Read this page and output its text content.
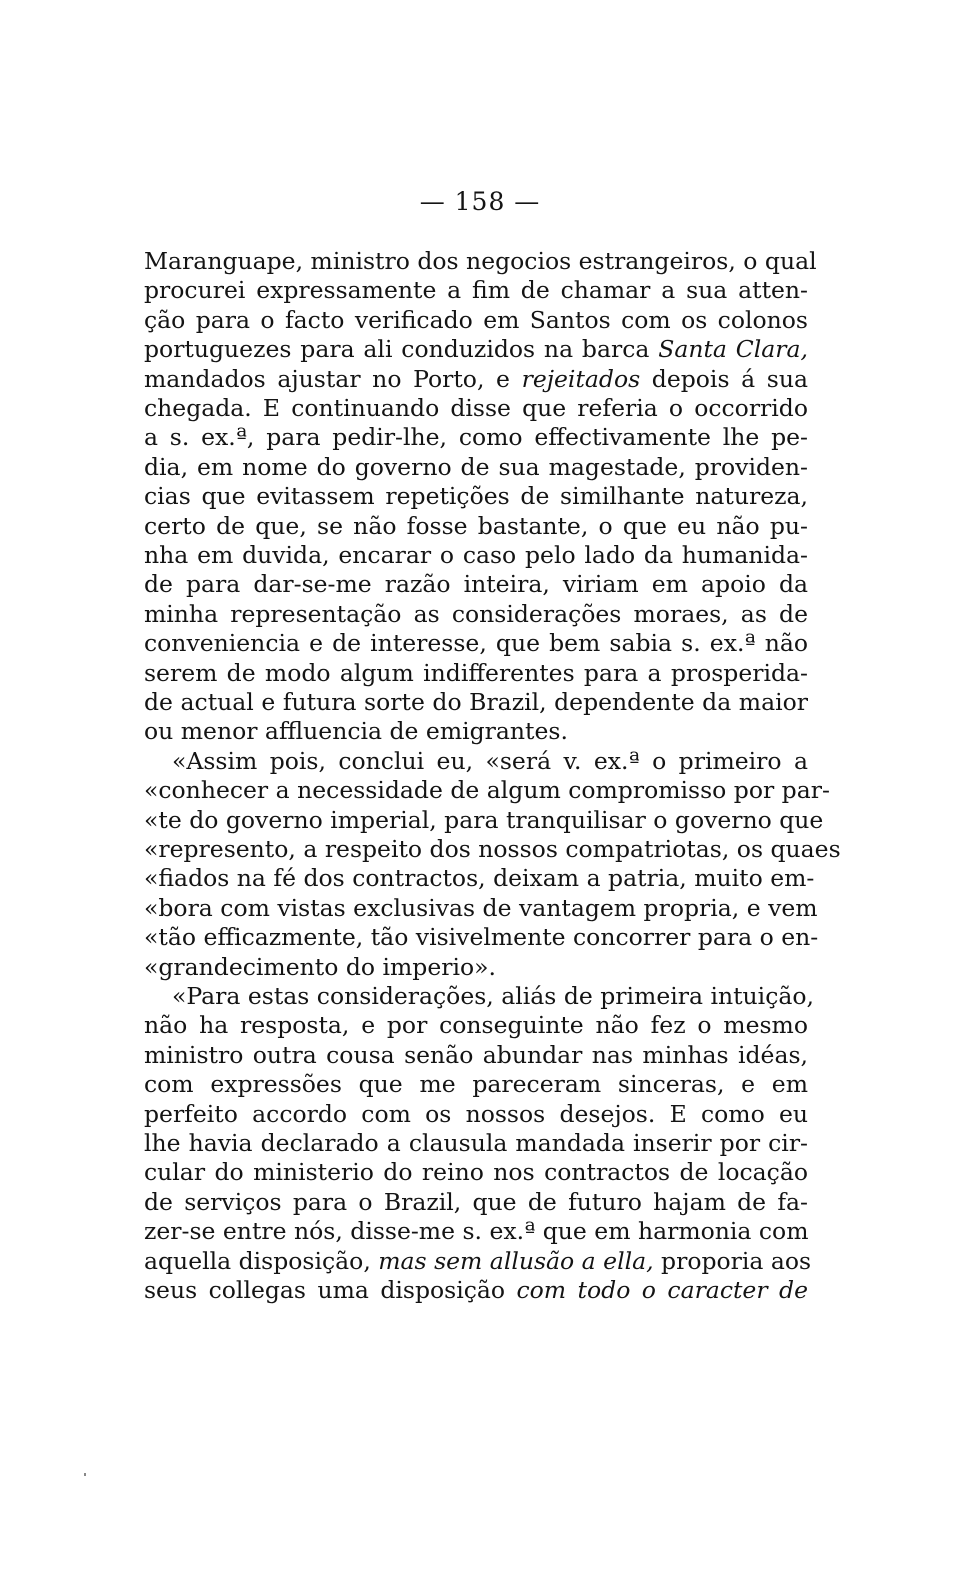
— 158 —
Maranguape, ministro dos negocios estrangeiros, o qual
procurei expressamente a fim de chamar a sua atten-
ção para o facto verificado em Santos com os colonos
portuguezes para ali conduzidos na barca Santa Clara,
mandados ajustar no Porto, e rejeitados depois á sua
chegada. E continuando disse que referia o occorrido
a s. ex.ª, para pedir-lhe, como effectivamente lhe pe-
dia, em nome do governo de sua magestade, providen-
cias que evitassem repetições de similhante natureza,
certo de que, se não fosse bastante, o que eu não pu-
nha em duvida, encarar o caso pelo lado da humanida-
de para dar-se-me razão inteira, viriam em apoio da
minha representação as considerações moraes, as de
conveniencia e de interesse, que bem sabia s. ex.ª não
serem de modo algum indifferentes para a prosperida-
de actual e futura sorte do Brazil, dependente da maior
ou menor affluencia de emigrantes.
«Assim pois, conclui eu, «será v. ex.ª o primeiro a
«conhecer a necessidade de algum compromisso por par-
«te do governo imperial, para tranquilisar o governo que
«represento, a respeito dos nossos compatriotas, os quaes
«fiados na fé dos contractos, deixam a patria, muito em-
«bora com vistas exclusivas de vantagem propria, e vem
«tão efficazmente, tão visivelmente concorrer para o en-
«grandecimento do imperio».
«Para estas considerações, aliás de primeira intuição,
não ha resposta, e por conseguinte não fez o mesmo
ministro outra cousa senão abundar nas minhas idéas,
com expressões que me pareceram sinceras, e em
perfeito accordo com os nossos desejos. E como eu
lhe havia declarado a clausula mandada inserir por cir-
cular do ministerio do reino nos contractos de locação
de serviços para o Brazil, que de futuro hajam de fa-
zer-se entre nós, disse-me s. ex.ª que em harmonia com
aquella disposição, mas sem allusão a ella, proporia aos
seus collegas uma disposição com todo o caracter de
